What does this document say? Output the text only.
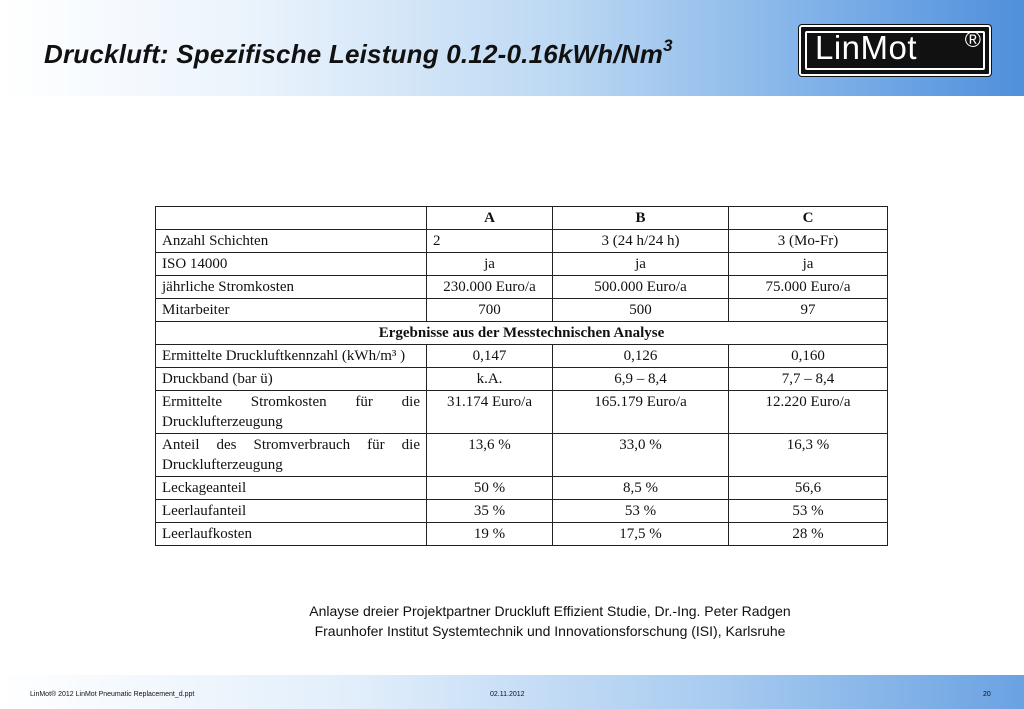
Druckluft: Spezifische Leistung 0.12-0.16kWh/Nm$^3$	LinMot ®
	A	B	C
Anzahl Schichten	2	3 (24 h/24 h)	3 (Mo-Fr)
ISO 14000	ja	ja	ja
jährliche Stromkosten	230.000 Euro/a	500.000 Euro/a	75.000 Euro/a
Mitarbeiter	700	500	97
Ergebnisse aus der Messtechnischen Analyse			
Ermittelte Druckluftkennzahl (kWh/m³ )	0,147	0,126	0,160
Druckband (bar ü)	k.A.	6,9 – 8,4	7,7 – 8,4
Ermittelte Stromkosten für die Drucklufterzeugung	31.174 Euro/a	165.179 Euro/a	12.220 Euro/a
Anteil des Stromverbrauch für die Drucklufterzeugung	13,6 %	33,0 %	16,3 %
Leckageanteil	50 %	8,5 %	56,6
Leerlaufanteil	35 %	53 %	53 %
Leerlaufkosten	19 %	17,5 %	28 %
Anlayse dreier Projektpartner Druckluft Effizient Studie, Dr.-Ing. Peter Radgen
Fraunhofer Institut Systemtechnik und Innovationsforschung (ISI), Karlsruhe
LinMot® 2012 LinMot Pneumatic Replacement_d.ppt	02.11.2012	20
